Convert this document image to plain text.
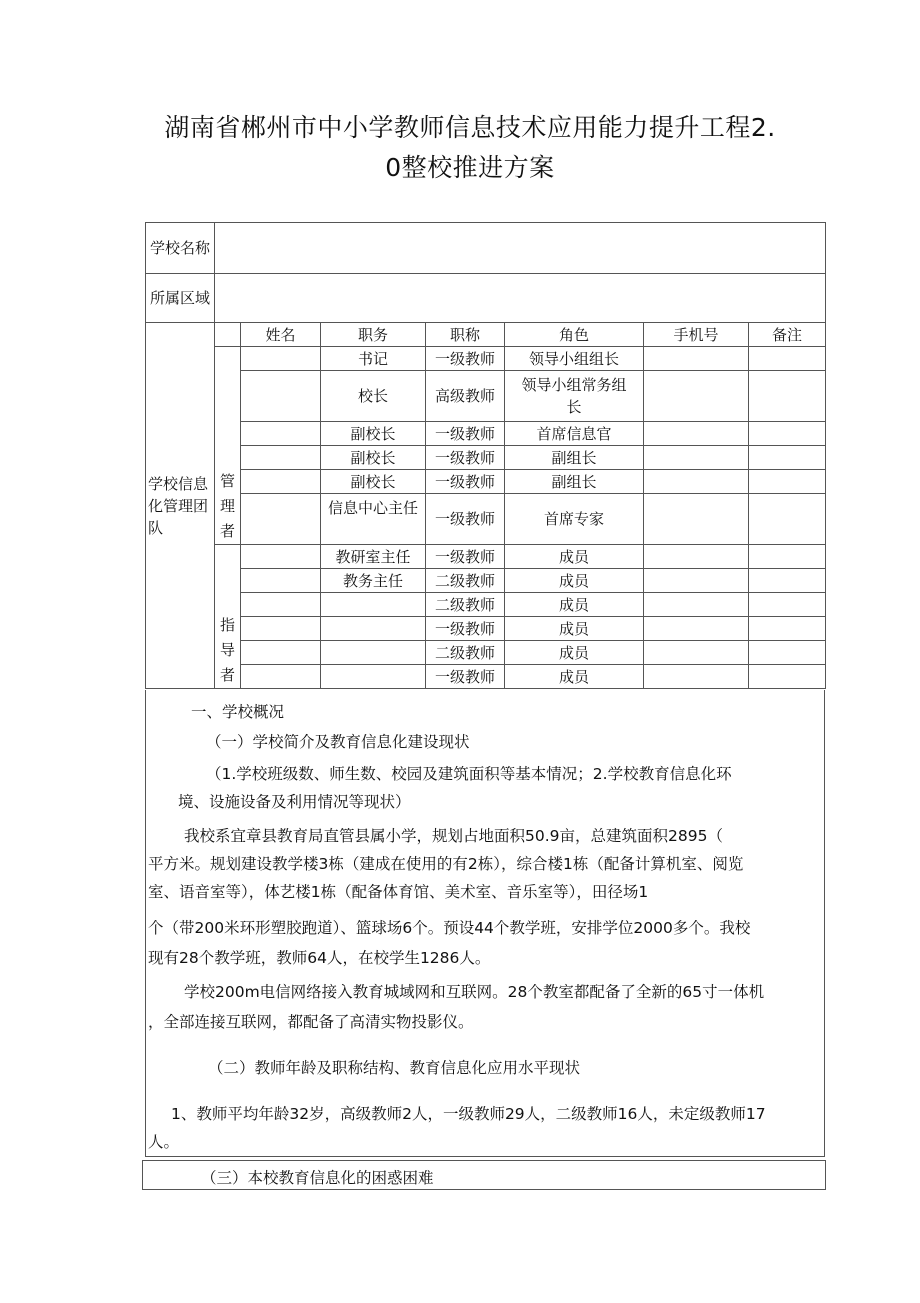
湖南省郴州市中小学教师信息技术应用能力提升工程2.
0整校推进方案
学校名称							
所属区域							
学校信息化管理团队		姓名	职务	职称	角色	手机号	备注
	管理者		书记	一级教师	领导小组组长		
			校长	高级教师	领导小组常务组长		
			副校长	一级教师	首席信息官		
			副校长	一级教师	副组长		
			副校长	一级教师	副组长		
			信息中心主任	一级教师	首席专家		
	指导者		教研室主任	一级教师	成员		
			教务主任	二级教师	成员		
				二级教师	成员		
				一级教师	成员		
				二级教师	成员		
				一级教师	成员		

一、学校概况

（一）学校简介及教育信息化建设现状

（1.学校班级数、师生数、校园及建筑面积等基本情况；2.学校教育信息化环

境、设施设备及利用情况等现状）

我校系宜章县教育局直管县属小学，规划占地面积50.9亩，总建筑面积2895（

平方米。规划建设教学楼3栋（建成在使用的有2栋），综合楼1栋（配备计算机室、阅览

室、语音室等），体艺楼1栋（配备体育馆、美术室、音乐室等），田径场1

个（带200米环形塑胶跑道）、篮球场6个。预设44个教学班，安排学位2000多个。我校

现有28个教学班，教师64人，在校学生1286人。

学校200m电信网络接入教育城域网和互联网。28个教室都配备了全新的65寸一体机

，全部连接互联网，都配备了高清实物投影仪。

（二）教师年龄及职称结构、教育信息化应用水平现状

1、教师平均年龄32岁，高级教师2人，一级教师29人，二级教师16人，未定级教师17

人。

（三）本校教育信息化的困惑困难
